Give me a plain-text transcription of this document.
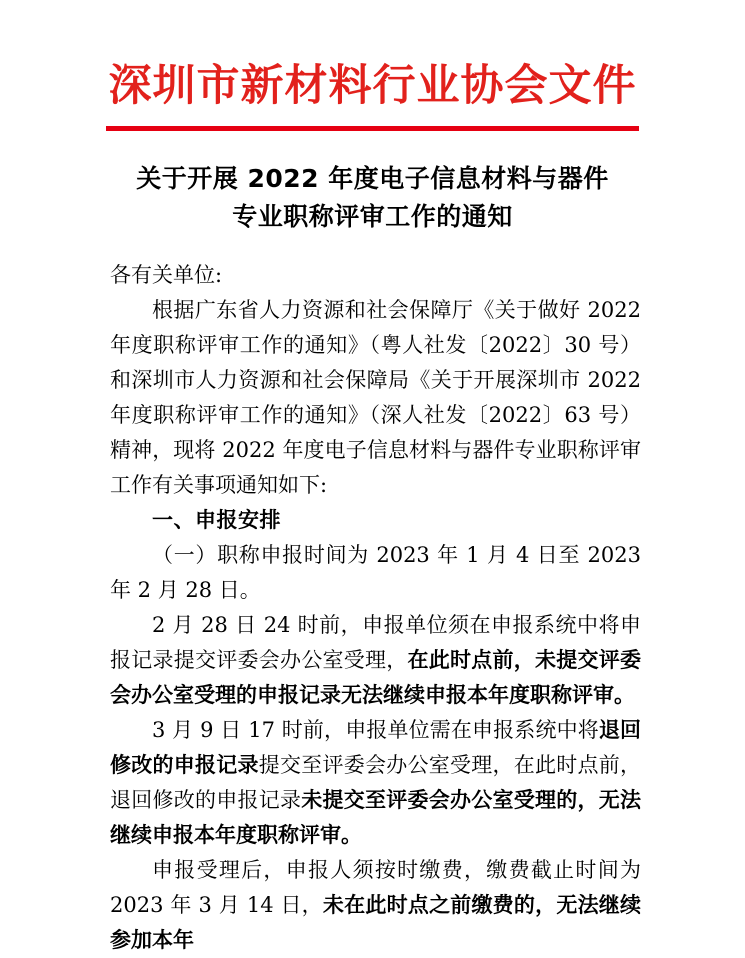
深圳市新材料行业协会文件
关于开展 2022 年度电子信息材料与器件
专业职称评审工作的通知

各有关单位:

根据广东省人力资源和社会保障厅《关于做好 2022 年度职称评审工作的通知》（粤人社发〔2022〕30 号）和深圳市人力资源和社会保障局《关于开展深圳市 2022 年度职称评审工作的通知》（深人社发〔2022〕63 号）精神，现将 2022 年度电子信息材料与器件专业职称评审工作有关事项通知如下:

一、申报安排

（一）职称申报时间为 2023 年 1 月 4 日至 2023 年 2 月 28 日。

2 月 28 日 24 时前，申报单位须在申报系统中将申报记录提交评委会办公室受理，在此时点前，未提交评委会办公室受理的申报记录无法继续申报本年度职称评审。

3 月 9 日 17 时前，申报单位需在申报系统中将退回修改的申报记录提交至评委会办公室受理，在此时点前，退回修改的申报记录未提交至评委会办公室受理的，无法继续申报本年度职称评审。

申报受理后，申报人须按时缴费，缴费截止时间为 2023 年 3 月 14 日，未在此时点之前缴费的，无法继续参加本年
